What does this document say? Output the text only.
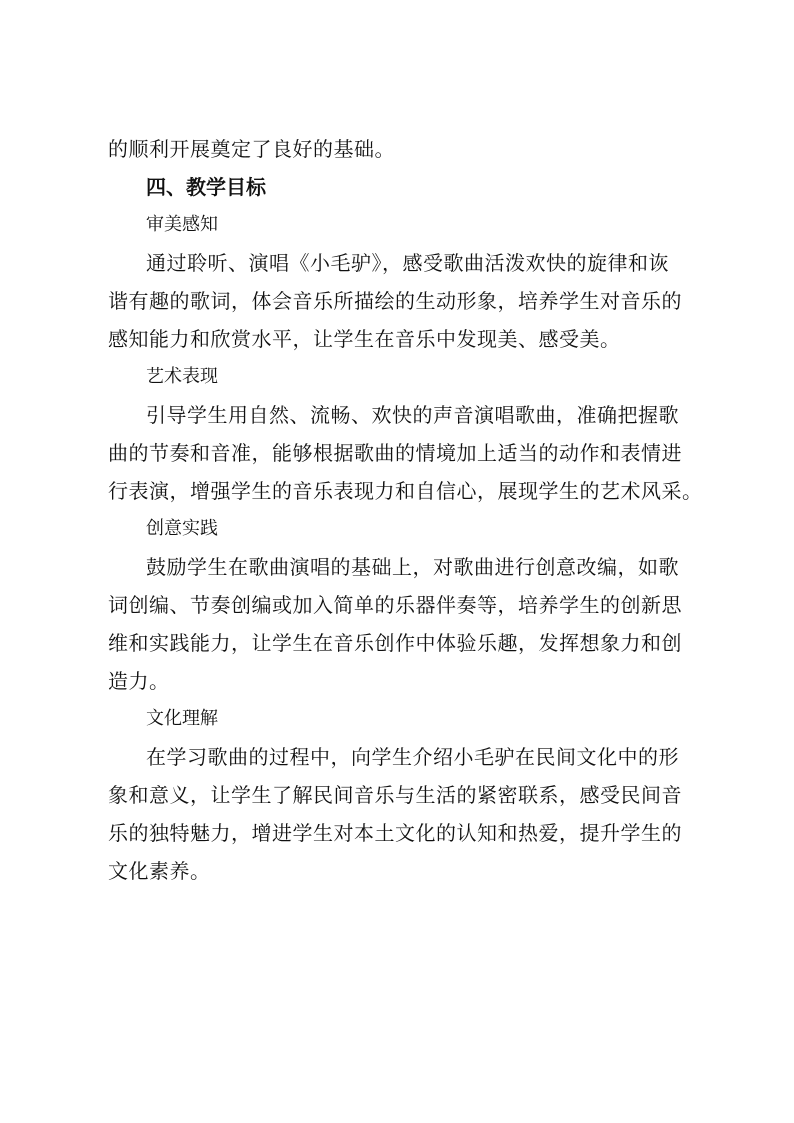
的顺利开展奠定了良好的基础。
四、教学目标
审美感知
通过聆听、演唱《小毛驴》，感受歌曲活泼欢快的旋律和诙
谐有趣的歌词，体会音乐所描绘的生动形象，培养学生对音乐的
感知能力和欣赏水平，让学生在音乐中发现美、感受美。
艺术表现
引导学生用自然、流畅、欢快的声音演唱歌曲，准确把握歌
曲的节奏和音准，能够根据歌曲的情境加上适当的动作和表情进
行表演，增强学生的音乐表现力和自信心，展现学生的艺术风采。
创意实践
鼓励学生在歌曲演唱的基础上，对歌曲进行创意改编，如歌
词创编、节奏创编或加入简单的乐器伴奏等，培养学生的创新思
维和实践能力，让学生在音乐创作中体验乐趣，发挥想象力和创
造力。
文化理解
在学习歌曲的过程中，向学生介绍小毛驴在民间文化中的形
象和意义，让学生了解民间音乐与生活的紧密联系，感受民间音
乐的独特魅力，增进学生对本土文化的认知和热爱，提升学生的
文化素养。
